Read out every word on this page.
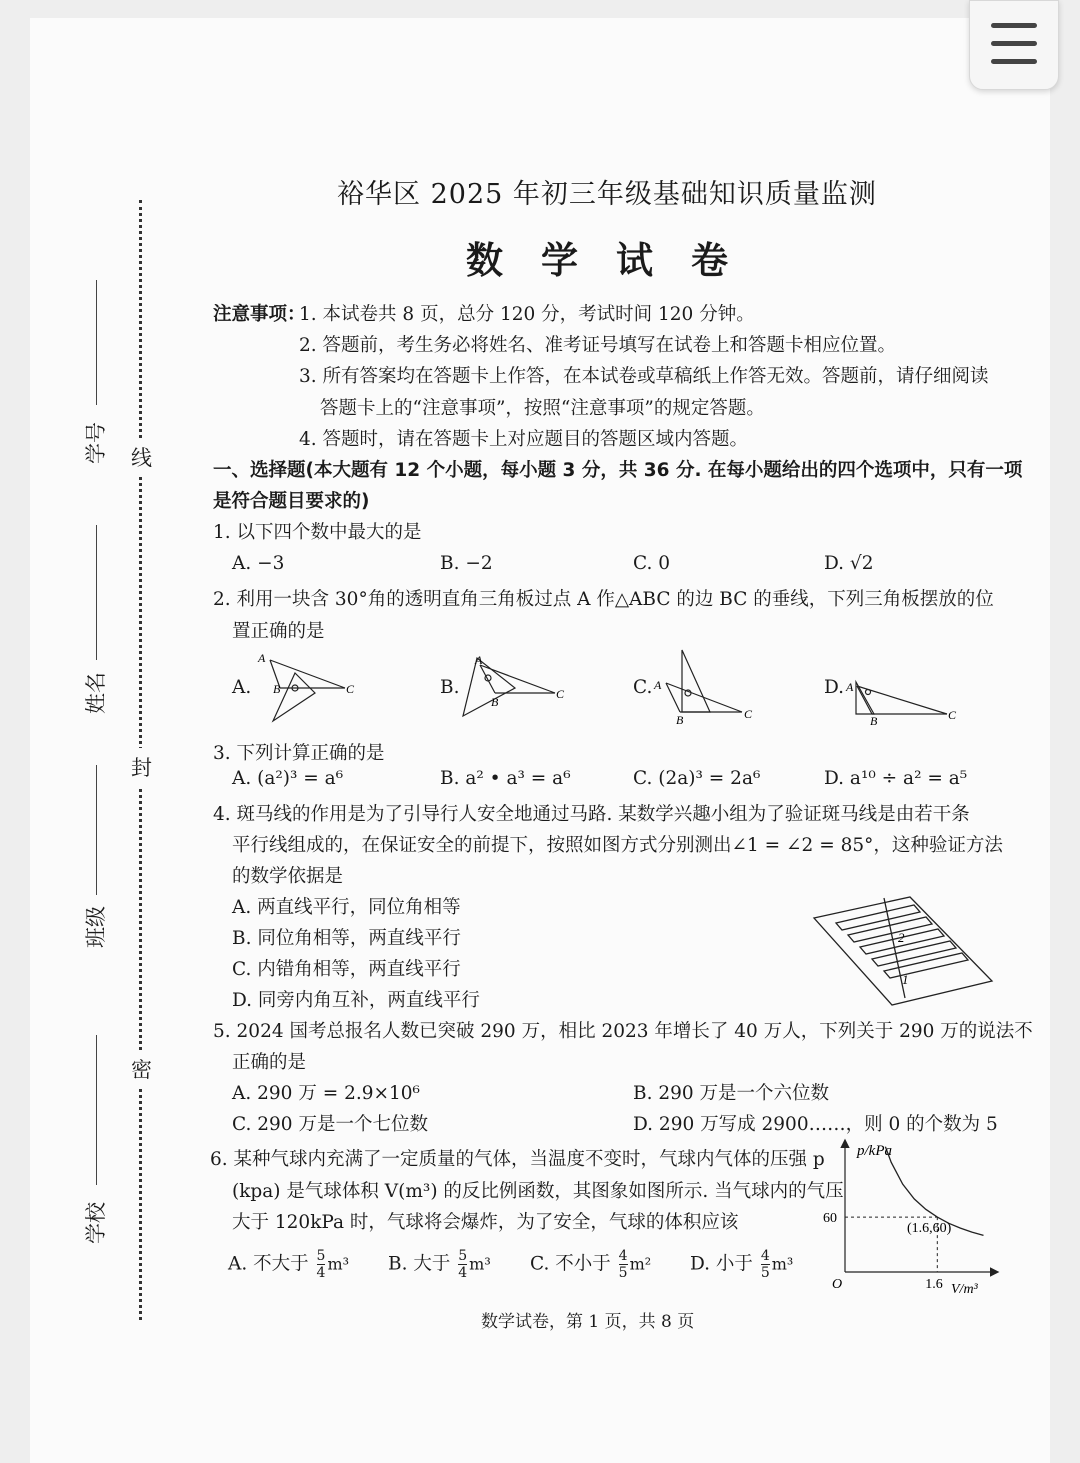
线
封
密
学号
姓名
班级
学校
裕华区 2025 年初三年级基础知识质量监测
数学试卷
注意事项：
1. 本试卷共 8 页，总分 120 分，考试时间 120 分钟。
2. 答题前，考生务必将姓名、准考证号填写在试卷上和答题卡相应位置。
3. 所有答案均在答题卡上作答，在本试卷或草稿纸上作答无效。答题前，请仔细阅读
答题卡上的“注意事项”，按照“注意事项”的规定答题。
4. 答题时，请在答题卡上对应题目的答题区域内答题。
一、选择题(本大题有 12 个小题，每小题 3 分，共 36 分. 在每小题给出的四个选项中，只有一项
是符合题目要求的)
1. 以下四个数中最大的是
A. −3	B. −2	C. 0	D. √2
2. 利用一块含 30°角的透明直角三角板过点 A 作△ABC 的边 BC 的垂线，下列三角板摆放的位
置正确的是
A.	B.	C.	D.
A
B	C
A
B
C
A
B	C
A
B	C
3. 下列计算正确的是
A. (a²)³ = a⁶	B. a² • a³ = a⁶	C. (2a)³ = 2a⁶	D. a¹⁰ ÷ a² = a⁵
4. 斑马线的作用是为了引导行人安全地通过马路. 某数学兴趣小组为了验证斑马线是由若干条
平行线组成的，在保证安全的前提下，按照如图方式分别测出∠1 = ∠2 = 85°，这种验证方法
的数学依据是
A. 两直线平行，同位角相等
B. 同位角相等，两直线平行
C. 内错角相等，两直线平行
D. 同旁内角互补，两直线平行
2
1
5. 2024 国考总报名人数已突破 290 万，相比 2023 年增长了 40 万人，下列关于 290 万的说法不
正确的是
A. 290 万 = 2.9×10⁶	B. 290 万是一个六位数
C. 290 万是一个七位数	D. 290 万写成 2900……，则 0 的个数为 5
6. 某种气球内充满了一定质量的气体，当温度不变时，气球内气体的压强 p
(kpa) 是气球体积 V(m³) 的反比例函数，其图象如图所示. 当气球内的气压
大于 120kPa 时，气球将会爆炸，为了安全，气球的体积应该
A. 不大于 $\frac{5}{4} m^3$ B. 大于 $\frac{5}{4} m^3$ C. 不小于 $\frac{4}{5} m^2$ D. 小于 $\frac{4}{5} m^3$
p/kPa
V/m³
O
60
1.6
(1.6,60)
数学试卷，第 1 页，共 8 页
